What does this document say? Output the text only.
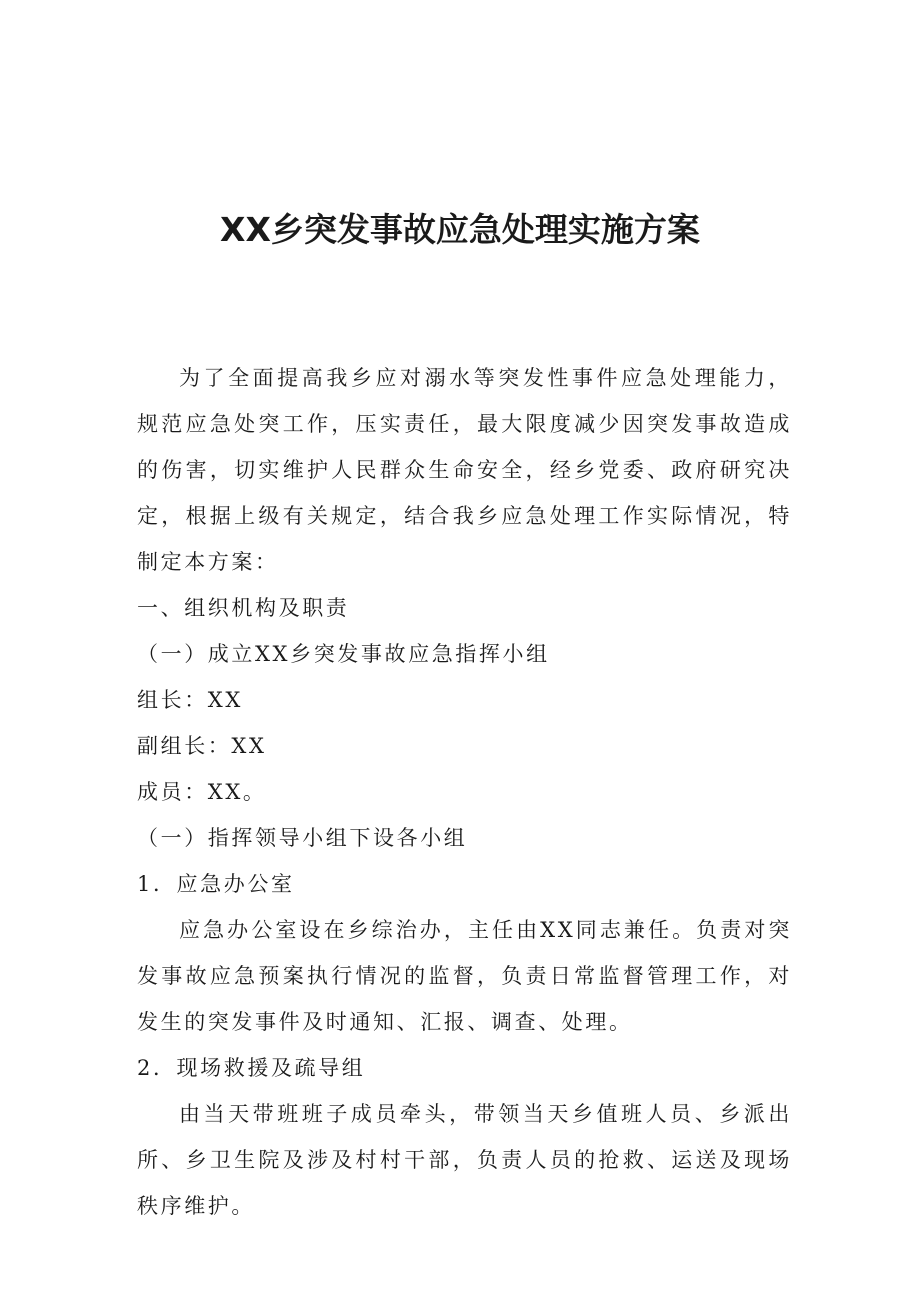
XX乡突发事故应急处理实施方案

为了全面提高我乡应对溺水等突发性事件应急处理能力，规范应急处突工作，压实责任，最大限度减少因突发事故造成的伤害，切实维护人民群众生命安全，经乡党委、政府研究决定，根据上级有关规定，结合我乡应急处理工作实际情况，特制定本方案：

一、组织机构及职责

（一）成立XX乡突发事故应急指挥小组

组长：XX

副组长：XX

成员：XX。

（一）指挥领导小组下设各小组

1．应急办公室

应急办公室设在乡综治办，主任由XX同志兼任。负责对突发事故应急预案执行情况的监督，负责日常监督管理工作，对发生的突发事件及时通知、汇报、调查、处理。

2．现场救援及疏导组

由当天带班班子成员牵头，带领当天乡值班人员、乡派出所、乡卫生院及涉及村村干部，负责人员的抢救、运送及现场秩序维护。
